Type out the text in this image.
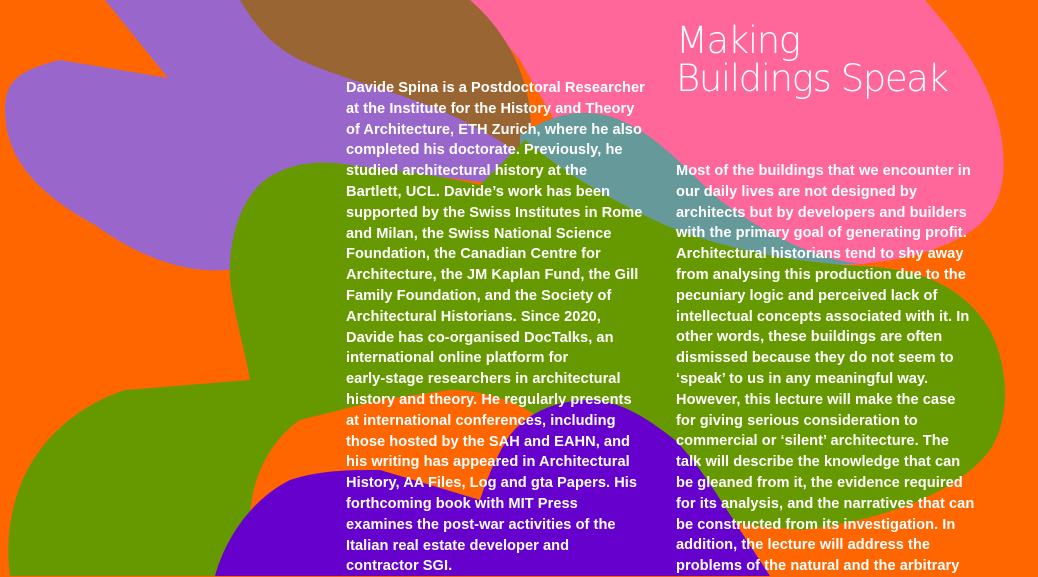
Making
Buildings Speak
Davide Spina is a Postdoctoral Researcher
at the Institute for the History and Theory
of Architecture, ETH Zurich, where he also
completed his doctorate. Previously, he
studied architectural history at the
Bartlett, UCL. Davide’s work has been
supported by the Swiss Institutes in Rome
and Milan, the Swiss National Science
Foundation, the Canadian Centre for
Architecture, the JM Kaplan Fund, the Gill
Family Foundation, and the Society of
Architectural Historians. Since 2020,
Davide has co-organised DocTalks, an
international online platform for
early-stage researchers in architectural
history and theory. He regularly presents
at international conferences, including
those hosted by the SAH and EAHN, and
his writing has appeared in Architectural
History, AA Files, Log and gta Papers. His
forthcoming book with MIT Press
examines the post-war activities of the
Italian real estate developer and
contractor SGI.
Most of the buildings that we encounter in
our daily lives are not designed by
architects but by developers and builders
with the primary goal of generating profit.
Architectural historians tend to shy away
from analysing this production due to the
pecuniary logic and perceived lack of
intellectual concepts associated with it. In
other words, these buildings are often
dismissed because they do not seem to
‘speak’ to us in any meaningful way.
However, this lecture will make the case
for giving serious consideration to
commercial or ‘silent’ architecture. The
talk will describe the knowledge that can
be gleaned from it, the evidence required
for its analysis, and the narratives that can
be constructed from its investigation. In
addition, the lecture will address the
problems of the natural and the arbitrary
